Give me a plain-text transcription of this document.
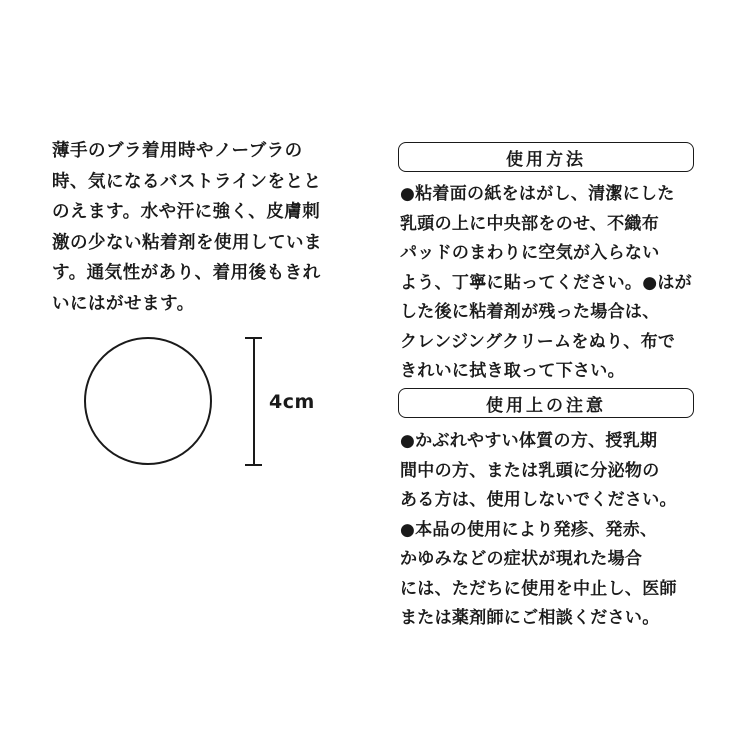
薄手のブラ着用時やノーブラの
時、気になるバストラインをとと
のえます。水や汗に強く、皮膚刺
激の少ない粘着剤を使用していま
す。通気性があり、着用後もきれ
いにはがせます。
4cm
使用方法
●粘着面の紙をはがし、清潔にした
乳頭の上に中央部をのせ、不織布
パッドのまわりに空気が入らない
よう、丁寧に貼ってください。●はが
した後に粘着剤が残った場合は、
クレンジングクリームをぬり、布で
きれいに拭き取って下さい。
使用上の注意
●かぶれやすい体質の方、授乳期
間中の方、または乳頭に分泌物の
ある方は、使用しないでください。
●本品の使用により発疹、発赤、
かゆみなどの症状が現れた場合
には、ただちに使用を中止し、医師
または薬剤師にご相談ください。
